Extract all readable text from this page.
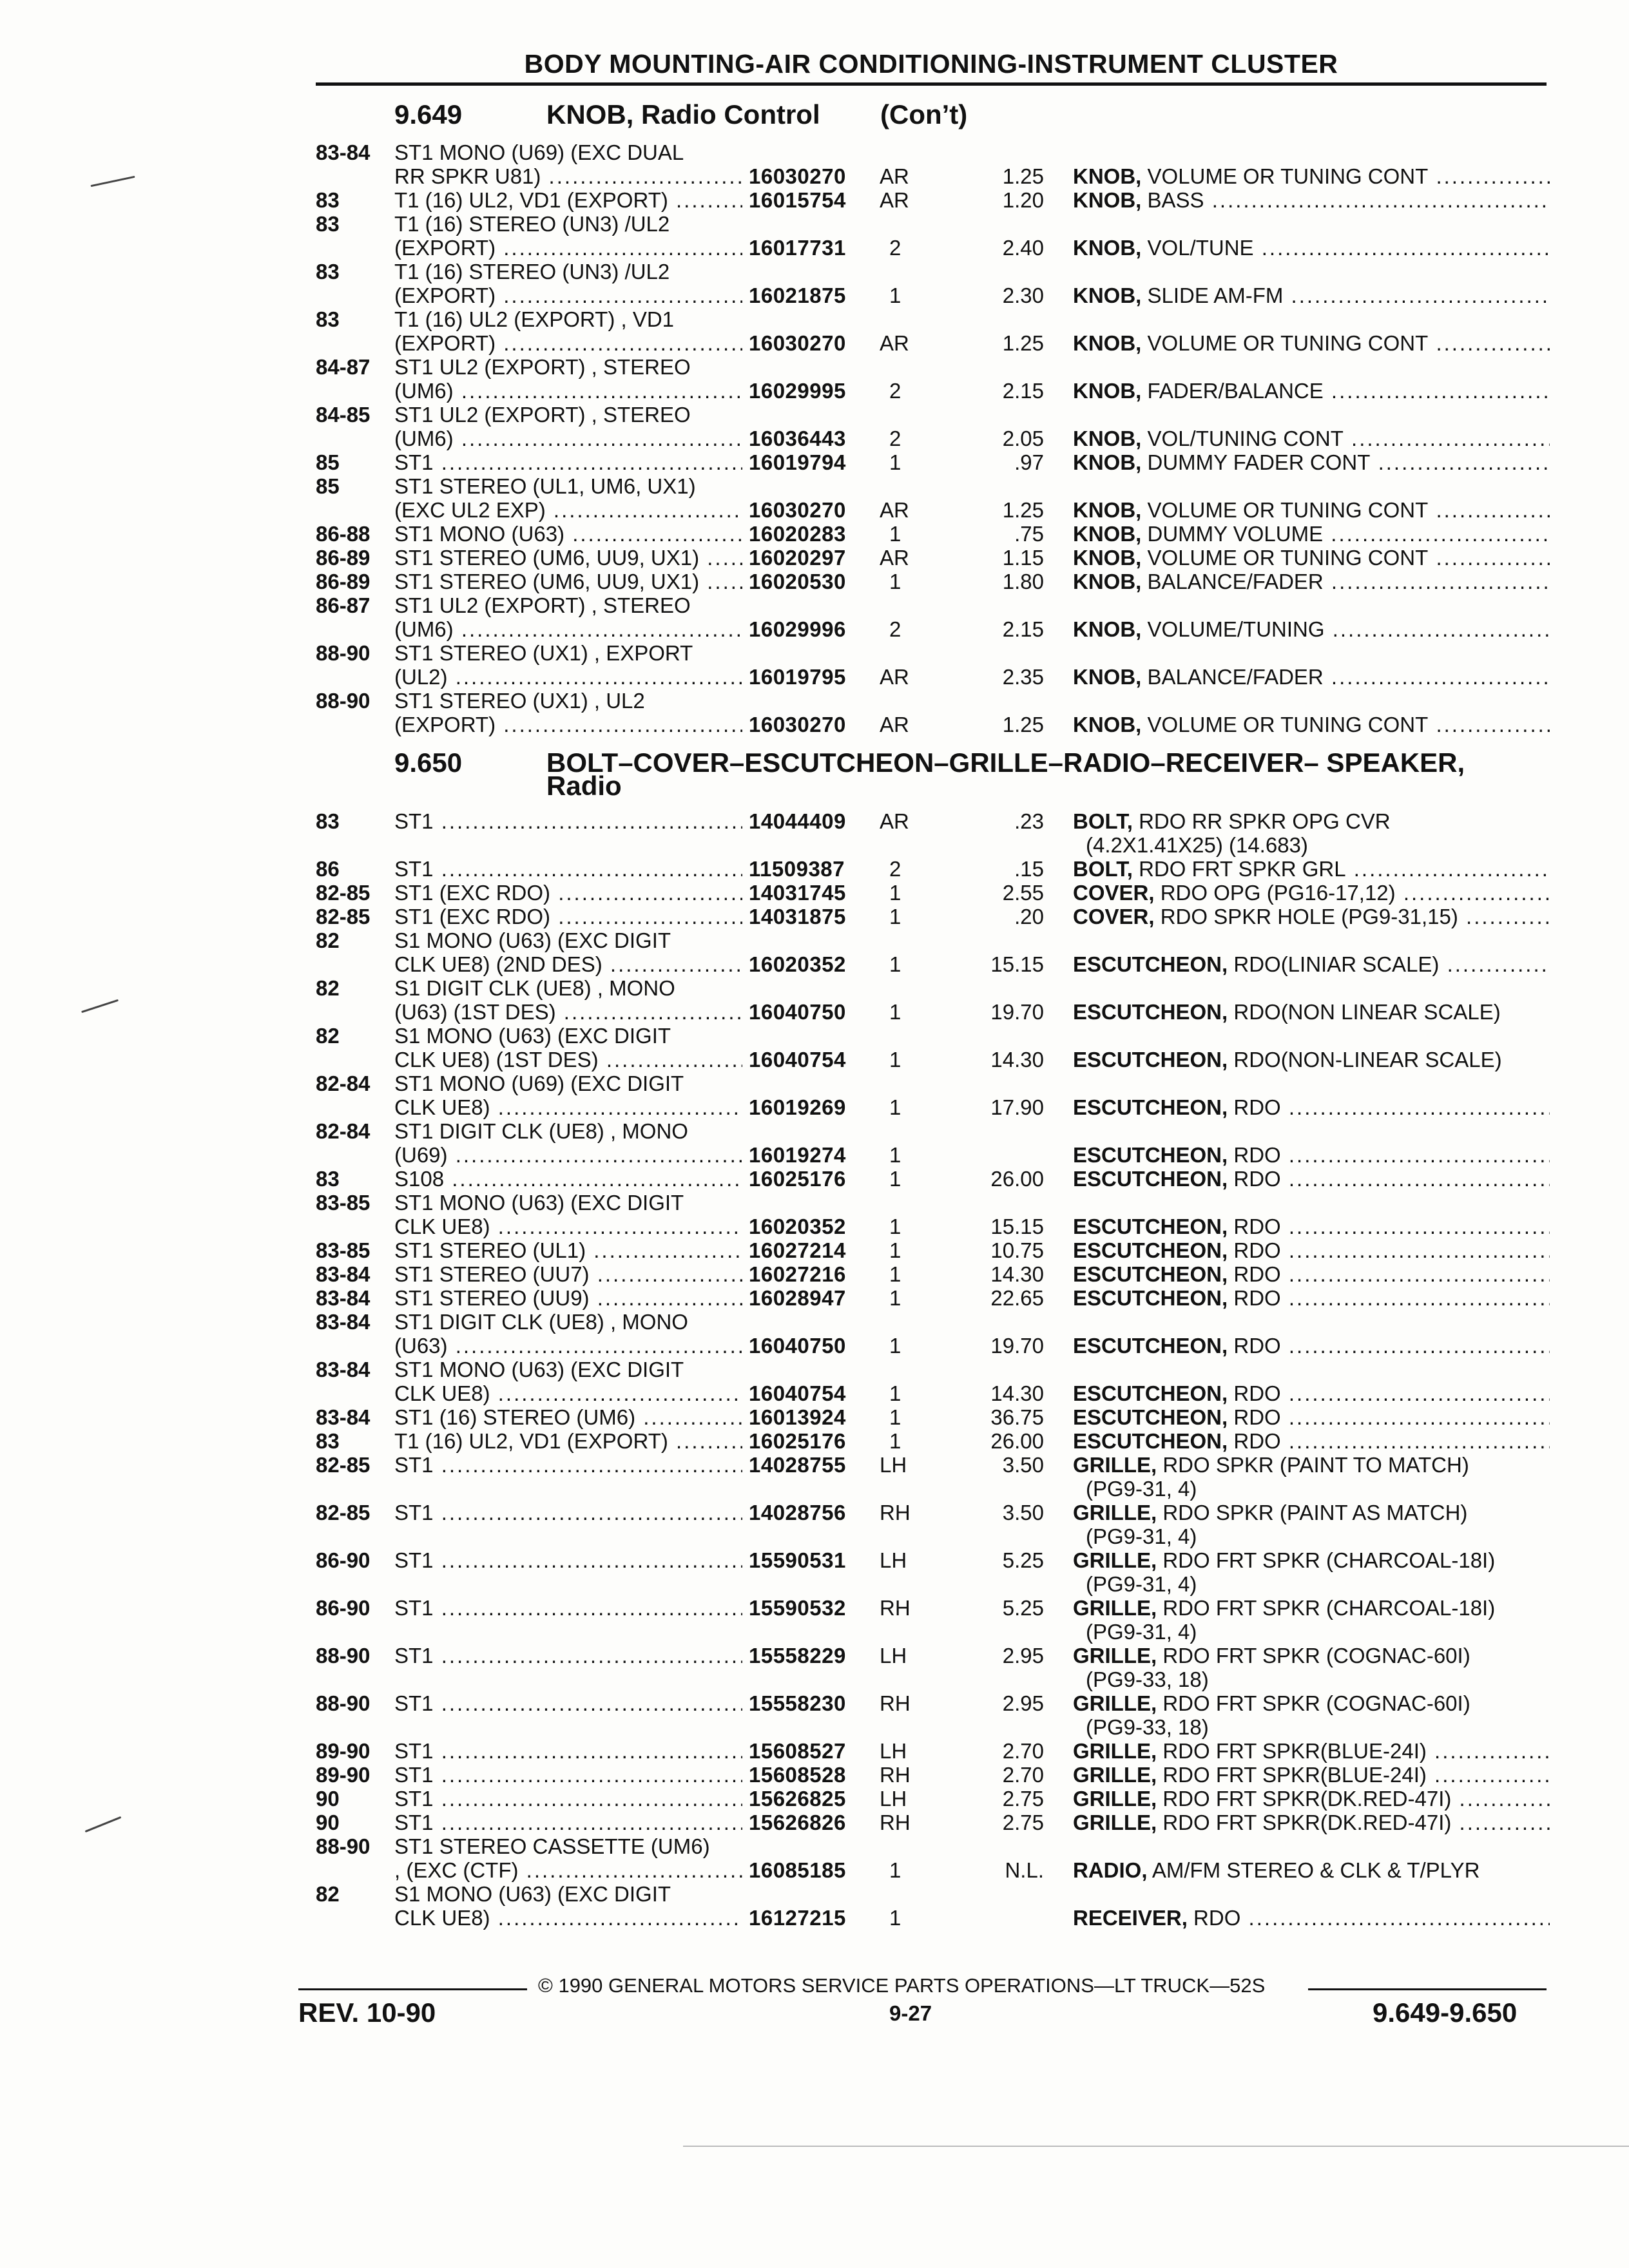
BODY MOUNTING-AIR CONDITIONING-INSTRUMENT CLUSTER
9.649	KNOB, Radio Control (Con’t)
9.650	BOLT–COVER–ESCUTCHEON–GRILLE–RADIO–RECEIVER– SPEAKER,
Radio
83-84 ST1 MONO (U69) (EXC DUAL
RR SPKR U81) .....	16030270 AR	1.25 KNOB, VOLUME OR TUNING CONT .....
83	T1 (16) UL2, VD1 (EXPORT) .....	16015754 AR	1.20 KNOB, BASS .....
83	T1 (16) STEREO (UN3) /UL2
(EXPORT) .....	16017731 2	2.40 KNOB, VOL/TUNE .....
83	T1 (16) STEREO (UN3) /UL2
(EXPORT) .....	16021875 1	2.30 KNOB, SLIDE AM-FM .....
83	T1 (16) UL2 (EXPORT) , VD1
(EXPORT) .....	16030270 AR	1.25 KNOB, VOLUME OR TUNING CONT .....
84-87 ST1 UL2 (EXPORT) , STEREO
(UM6) .....	16029995 2	2.15 KNOB, FADER/BALANCE .....
84-85 ST1 UL2 (EXPORT) , STEREO
(UM6) .....	16036443 2	2.05 KNOB, VOL/TUNING CONT .....
85	ST1 .....	16019794 1	.97 KNOB, DUMMY FADER CONT .....
85	ST1 STEREO (UL1, UM6, UX1)
(EXC UL2 EXP) .....	16030270 AR	1.25 KNOB, VOLUME OR TUNING CONT .....
86-88 ST1 MONO (U63) .....	16020283 1	.75 KNOB, DUMMY VOLUME .....
86-89 ST1 STEREO (UM6, UU9, UX1) .....	16020297 AR	1.15 KNOB, VOLUME OR TUNING CONT .....
86-89 ST1 STEREO (UM6, UU9, UX1) .....	16020530 1	1.80 KNOB, BALANCE/FADER .....
86-87 ST1 UL2 (EXPORT) , STEREO
(UM6) .....	16029996 2	2.15 KNOB, VOLUME/TUNING .....
88-90 ST1 STEREO (UX1) , EXPORT
(UL2) .....	16019795 AR	2.35 KNOB, BALANCE/FADER .....
88-90 ST1 STEREO (UX1) , UL2
(EXPORT) .....	16030270 AR	1.25 KNOB, VOLUME OR TUNING CONT .....
83	ST1 .....	14044409 AR	.23 BOLT, RDO RR SPKR OPG CVR
(4.2X1.41X25) (14.683)
86	ST1 .....	11509387 2	.15 BOLT, RDO FRT SPKR GRL .....
82-85 ST1 (EXC RDO) .....	14031745 1	2.55 COVER, RDO OPG (PG16-17,12) .....
82-85 ST1 (EXC RDO) .....	14031875 1	.20 COVER, RDO SPKR HOLE (PG9-31,15) .....
82	S1 MONO (U63) (EXC DIGIT
CLK UE8) (2ND DES) .....	16020352 1	15.15 ESCUTCHEON, RDO(LINIAR SCALE) .....
82	S1 DIGIT CLK (UE8) , MONO
(U63) (1ST DES) .....	16040750 1	19.70 ESCUTCHEON, RDO(NON LINEAR SCALE)
82	S1 MONO (U63) (EXC DIGIT
CLK UE8) (1ST DES) .....	16040754 1	14.30 ESCUTCHEON, RDO(NON-LINEAR SCALE)
82-84 ST1 MONO (U69) (EXC DIGIT
CLK UE8) .....	16019269 1	17.90 ESCUTCHEON, RDO .....
82-84 ST1 DIGIT CLK (UE8) , MONO
(U69) .....	16019274 1	ESCUTCHEON, RDO .....
83	S108 .....	16025176 1	26.00 ESCUTCHEON, RDO .....
83-85 ST1 MONO (U63) (EXC DIGIT
CLK UE8) .....	16020352 1	15.15 ESCUTCHEON, RDO .....
83-85 ST1 STEREO (UL1) .....	16027214 1	10.75 ESCUTCHEON, RDO .....
83-84 ST1 STEREO (UU7) .....	16027216 1	14.30 ESCUTCHEON, RDO .....
83-84 ST1 STEREO (UU9) .....	16028947 1	22.65 ESCUTCHEON, RDO .....
83-84 ST1 DIGIT CLK (UE8) , MONO
(U63) .....	16040750 1	19.70 ESCUTCHEON, RDO .....
83-84 ST1 MONO (U63) (EXC DIGIT
CLK UE8) .....	16040754 1	14.30 ESCUTCHEON, RDO .....
83-84 ST1 (16) STEREO (UM6) .....	16013924 1	36.75 ESCUTCHEON, RDO .....
83	T1 (16) UL2, VD1 (EXPORT) .....	16025176 1	26.00 ESCUTCHEON, RDO .....
82-85 ST1 .....	14028755 LH	3.50 GRILLE, RDO SPKR (PAINT TO MATCH)
(PG9-31, 4)
82-85 ST1 .....	14028756 RH	3.50 GRILLE, RDO SPKR (PAINT AS MATCH)
(PG9-31, 4)
86-90 ST1 .....	15590531 LH	5.25 GRILLE, RDO FRT SPKR (CHARCOAL-18I)
(PG9-31, 4)
86-90 ST1 .....	15590532 RH	5.25 GRILLE, RDO FRT SPKR (CHARCOAL-18I)
(PG9-31, 4)
88-90 ST1 .....	15558229 LH	2.95 GRILLE, RDO FRT SPKR (COGNAC-60I)
(PG9-33, 18)
88-90 ST1 .....	15558230 RH	2.95 GRILLE, RDO FRT SPKR (COGNAC-60I)
(PG9-33, 18)
89-90 ST1 .....	15608527 LH	2.70 GRILLE, RDO FRT SPKR(BLUE-24I) .....
89-90 ST1 .....	15608528 RH	2.70 GRILLE, RDO FRT SPKR(BLUE-24I) .....
90	ST1 .....	15626825 LH	2.75 GRILLE, RDO FRT SPKR(DK.RED-47I) .....
90	ST1 .....	15626826 RH	2.75 GRILLE, RDO FRT SPKR(DK.RED-47I) .....
88-90 ST1 STEREO CASSETTE (UM6)
, (EXC (CTF) .....	16085185 1	N.L. RADIO, AM/FM STEREO & CLK & T/PLYR
82	S1 MONO (U63) (EXC DIGIT
CLK UE8) .....	16127215 1	RECEIVER, RDO .....
© 1990 GENERAL MOTORS SERVICE PARTS OPERATIONS—LT TRUCK—52S
REV. 10-90	9-27	9.649-9.650
